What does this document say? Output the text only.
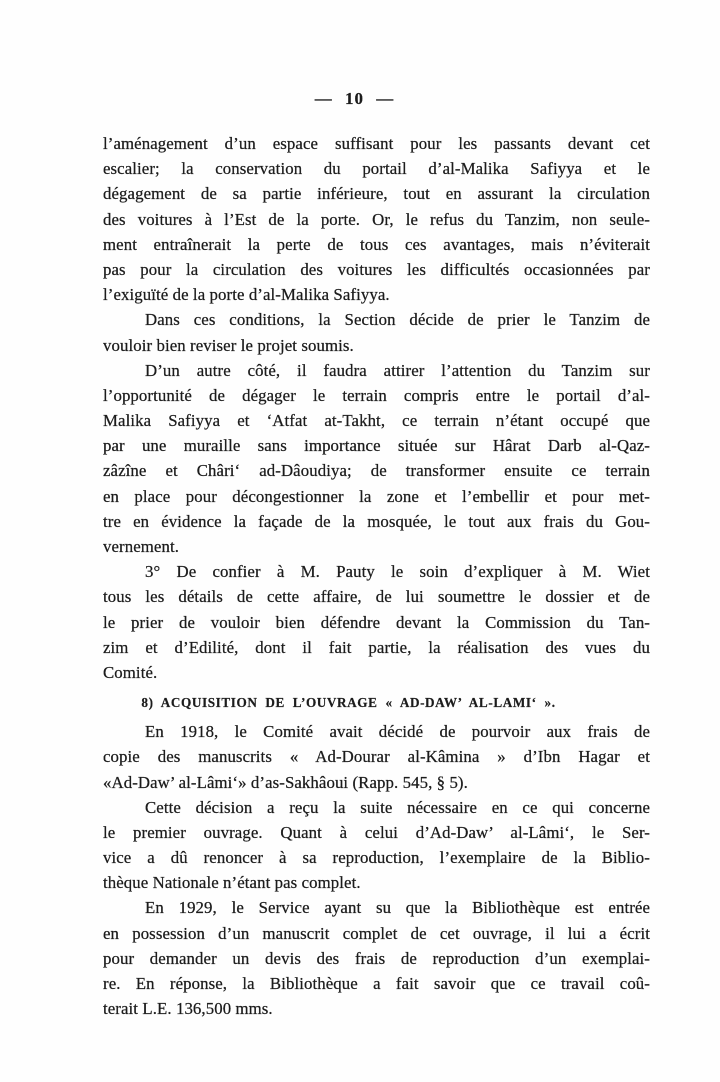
— 10 —
l’aménagement d’un espace suffisant pour les passants devant cet
escalier; la conservation du portail d’al-Malika Safiyya et le
dégagement de sa partie inférieure, tout en assurant la circulation
des voitures à l’Est de la porte. Or, le refus du Tanzim, non seule-
ment entraînerait la perte de tous ces avantages, mais n’éviterait
pas pour la circulation des voitures les difficultés occasionnées par
l’exiguïté de la porte d’al-Malika Safiyya.
Dans ces conditions, la Section décide de prier le Tanzim de
vouloir bien reviser le projet soumis.
D’un autre côté, il faudra attirer l’attention du Tanzim sur
l’opportunité de dégager le terrain compris entre le portail d’al-
Malika Safiyya et ‘Atfat at-Takht, ce terrain n’étant occupé que
par une muraille sans importance située sur Hârat Darb al-Qaz-
zâzîne et Châri‘ ad-Dâoudiya; de transformer ensuite ce terrain
en place pour décongestionner la zone et l’embellir et pour met-
tre en évidence la façade de la mosquée, le tout aux frais du Gou-
vernement.
3° De confier à M. Pauty le soin d’expliquer à M. Wiet
tous les détails de cette affaire, de lui soumettre le dossier et de
le prier de vouloir bien défendre devant la Commission du Tan-
zim et d’Edilité, dont il fait partie, la réalisation des vues du
Comité.
8) ACQUISITION DE L’OUVRAGE « AD-DAW’ AL-LAMI‘ ».
En 1918, le Comité avait décidé de pourvoir aux frais de
copie des manuscrits « Ad-Dourar al-Kâmina » d’Ibn Hagar et
«Ad-Daw’ al-Lâmi‘» d’as-Sakhâoui (Rapp. 545, § 5).
Cette décision a reçu la suite nécessaire en ce qui concerne
le premier ouvrage. Quant à celui d’Ad-Daw’ al-Lâmi‘, le Ser-
vice a dû renoncer à sa reproduction, l’exemplaire de la Biblio-
thèque Nationale n’étant pas complet.
En 1929, le Service ayant su que la Bibliothèque est entrée
en possession d’un manuscrit complet de cet ouvrage, il lui a écrit
pour demander un devis des frais de reproduction d’un exemplai-
re. En réponse, la Bibliothèque a fait savoir que ce travail coû-
terait L.E. 136,500 mms.
